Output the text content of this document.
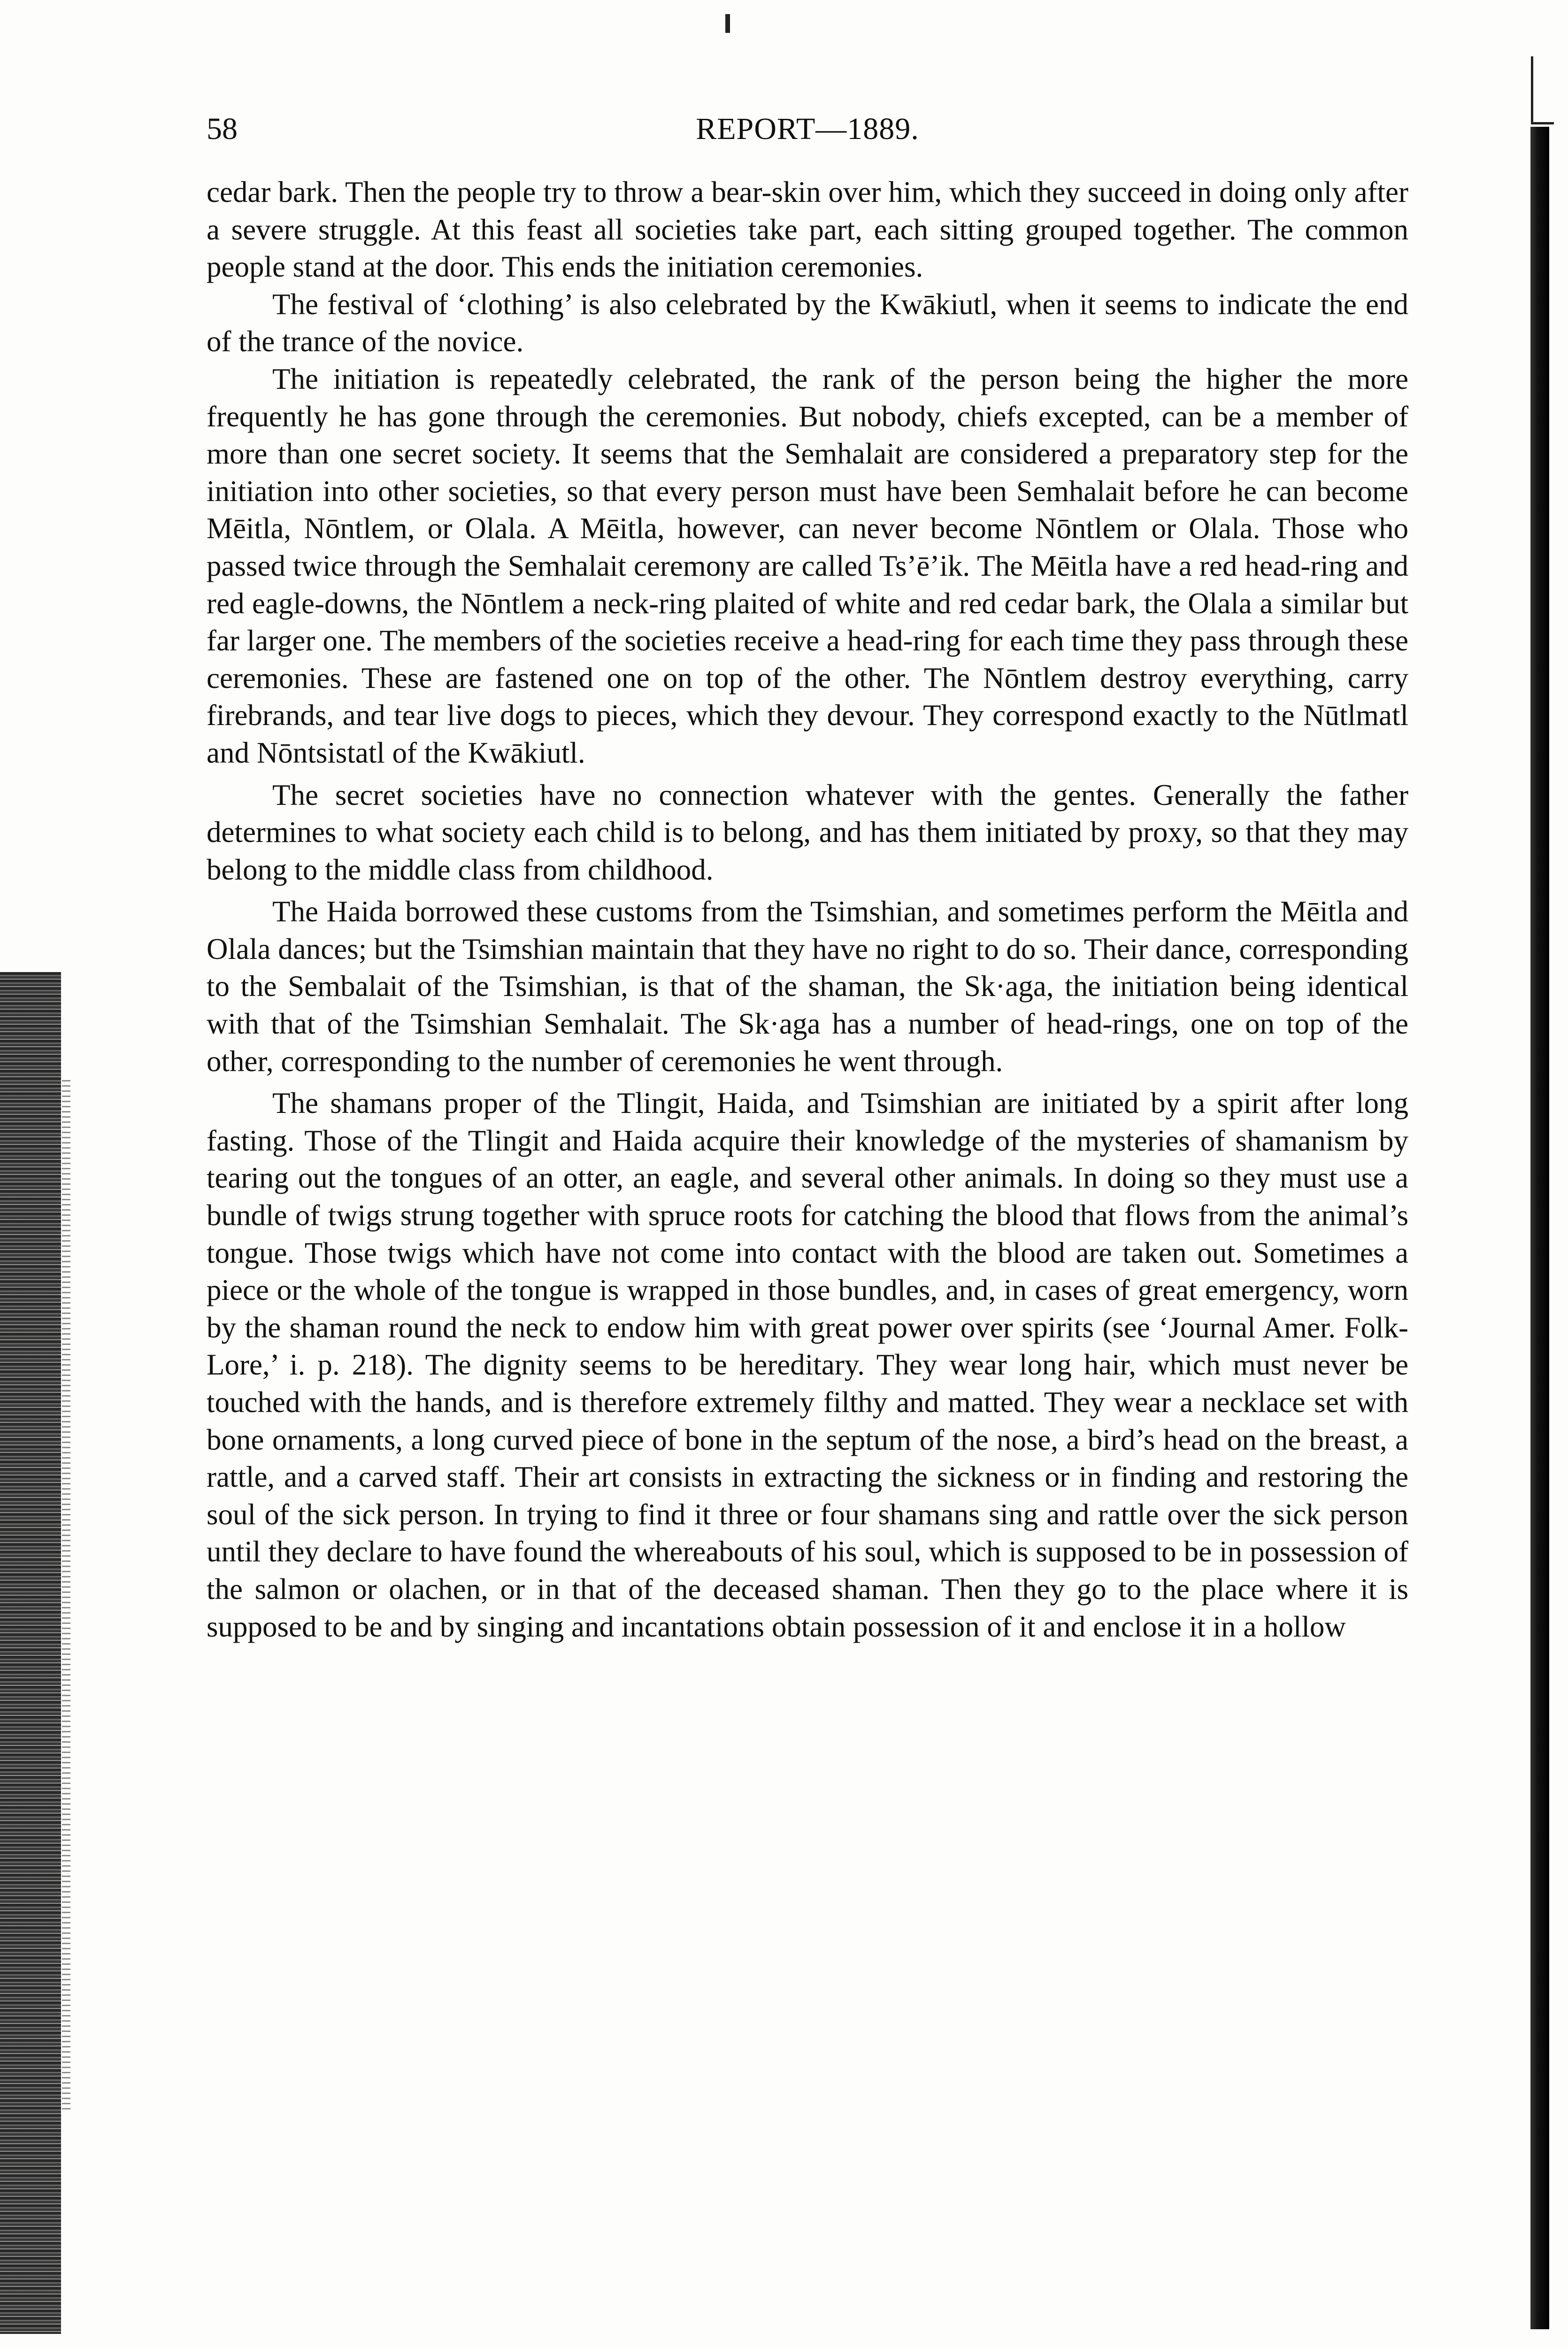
58	REPORT—1889.

cedar bark. Then the people try to throw a bear-skin over him, which they succeed in doing only after a severe struggle. At this feast all societies take part, each sitting grouped together. The common people stand at the door. This ends the initiation ceremonies.

The festival of ‘clothing’ is also celebrated by the Kwākiutl, when it seems to indicate the end of the trance of the novice.

The initiation is repeatedly celebrated, the rank of the person being the higher the more frequently he has gone through the ceremonies. But nobody, chiefs excepted, can be a member of more than one secret society. It seems that the Semhalait are considered a preparatory step for the initiation into other societies, so that every person must have been Semhalait before he can become Mēitla, Nōntlem, or Olala. A Mēitla, however, can never become Nōntlem or Olala. Those who passed twice through the Semhalait ceremony are called Ts’ē’ik. The Mēitla have a red head-ring and red eagle-downs, the Nōntlem a neck-ring plaited of white and red cedar bark, the Olala a similar but far larger one. The members of the societies receive a head-ring for each time they pass through these ceremonies. These are fastened one on top of the other. The Nōntlem destroy everything, carry firebrands, and tear live dogs to pieces, which they devour. They correspond exactly to the Nūtlmatl and Nōntsistatl of the Kwākiutl.

The secret societies have no connection whatever with the gentes. Generally the father determines to what society each child is to belong, and has them initiated by proxy, so that they may belong to the middle class from childhood.

The Haida borrowed these customs from the Tsimshian, and sometimes perform the Mēitla and Olala dances; but the Tsimshian maintain that they have no right to do so. Their dance, corresponding to the Sembalait of the Tsimshian, is that of the shaman, the Sk·aga, the initiation being identical with that of the Tsimshian Semhalait. The Sk·aga has a number of head-rings, one on top of the other, corresponding to the number of ceremonies he went through.

The shamans proper of the Tlingit, Haida, and Tsimshian are initiated by a spirit after long fasting. Those of the Tlingit and Haida acquire their knowledge of the mysteries of shamanism by tearing out the tongues of an otter, an eagle, and several other animals. In doing so they must use a bundle of twigs strung together with spruce roots for catching the blood that flows from the animal’s tongue. Those twigs which have not come into contact with the blood are taken out. Sometimes a piece or the whole of the tongue is wrapped in those bundles, and, in cases of great emergency, worn by the shaman round the neck to endow him with great power over spirits (see ‘Journal Amer. Folk-Lore,’ i. p. 218). The dignity seems to be hereditary. They wear long hair, which must never be touched with the hands, and is therefore extremely filthy and matted. They wear a necklace set with bone ornaments, a long curved piece of bone in the septum of the nose, a bird’s head on the breast, a rattle, and a carved staff. Their art consists in extracting the sickness or in finding and restoring the soul of the sick person. In trying to find it three or four shamans sing and rattle over the sick person until they declare to have found the whereabouts of his soul, which is supposed to be in possession of the salmon or olachen, or in that of the deceased shaman. Then they go to the place where it is supposed to be and by singing and incantations obtain possession of it and enclose it in a hollow
